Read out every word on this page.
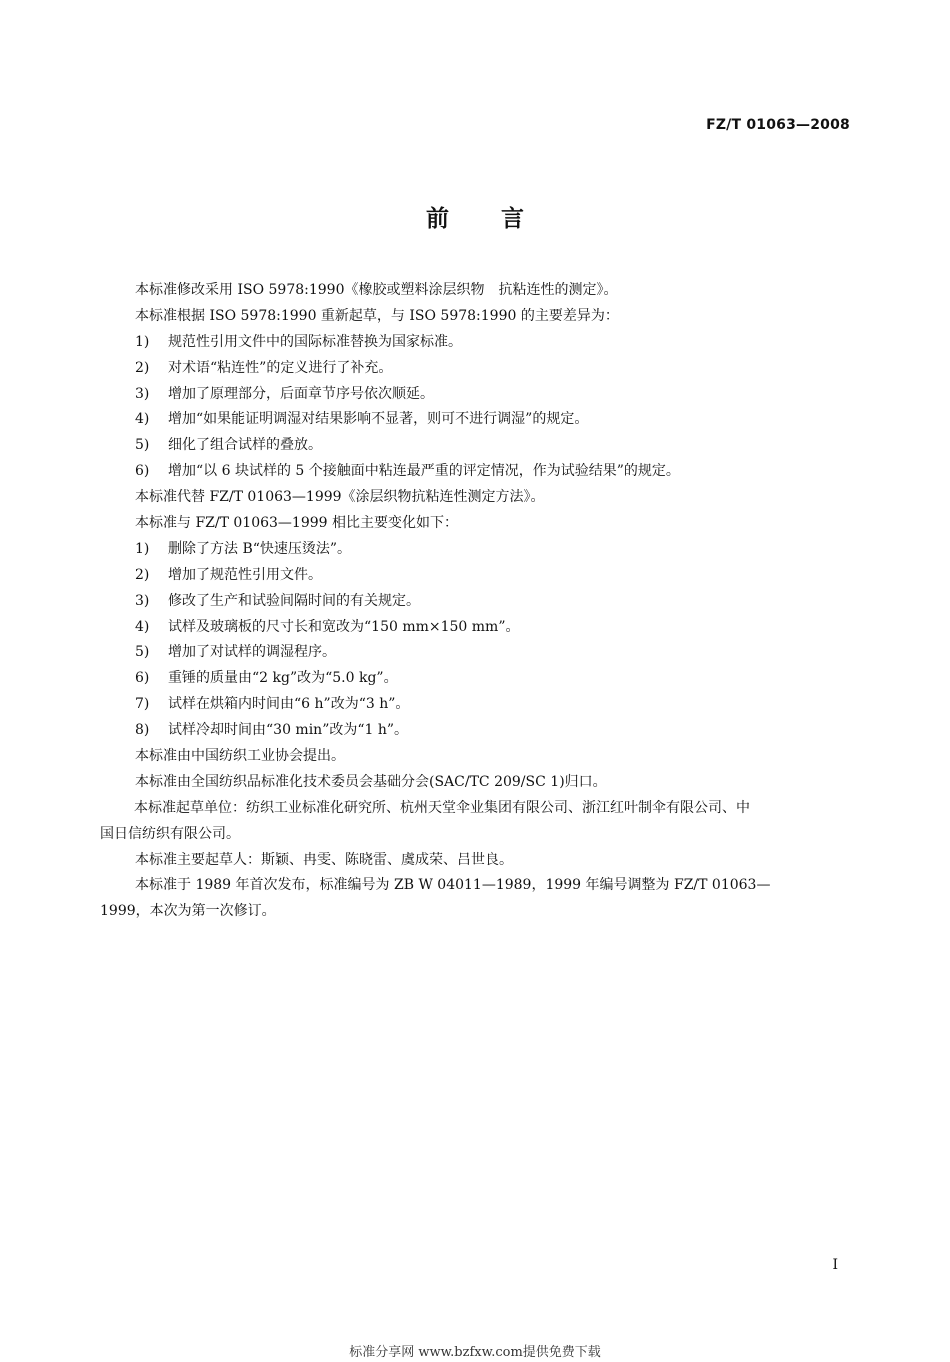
FZ/T 01063—2008
前言
本标准修改采用 ISO 5978:1990《橡胶或塑料涂层织物　抗粘连性的测定》。
本标准根据 ISO 5978:1990 重新起草，与 ISO 5978:1990 的主要差异为：
1) 规范性引用文件中的国际标准替换为国家标准。
2) 对术语“粘连性”的定义进行了补充。
3) 增加了原理部分，后面章节序号依次顺延。
4) 增加“如果能证明调湿对结果影响不显著，则可不进行调湿”的规定。
5) 细化了组合试样的叠放。
6) 增加“以 6 块试样的 5 个接触面中粘连最严重的评定情况，作为试验结果”的规定。
本标准代替 FZ/T 01063—1999《涂层织物抗粘连性测定方法》。
本标准与 FZ/T 01063—1999 相比主要变化如下：
1) 删除了方法 B“快速压烫法”。
2) 增加了规范性引用文件。
3) 修改了生产和试验间隔时间的有关规定。
4) 试样及玻璃板的尺寸长和宽改为“150 mm×150 mm”。
5) 增加了对试样的调湿程序。
6) 重锤的质量由“2 kg”改为“5.0 kg”。
7) 试样在烘箱内时间由“6 h”改为“3 h”。
8) 试样冷却时间由“30 min”改为“1 h”。
本标准由中国纺织工业协会提出。
本标准由全国纺织品标准化技术委员会基础分会(SAC/TC 209/SC 1)归口。
本标准起草单位：纺织工业标准化研究所、杭州天堂伞业集团有限公司、浙江红叶制伞有限公司、中
国日信纺织有限公司。
本标准主要起草人：斯颖、冉雯、陈晓雷、虞成荣、吕世良。
本标准于 1989 年首次发布，标准编号为 ZB W 04011—1989，1999 年编号调整为 FZ/T 01063—
1999，本次为第一次修订。
I
标准分享网 www.bzfxw.com提供免费下载
